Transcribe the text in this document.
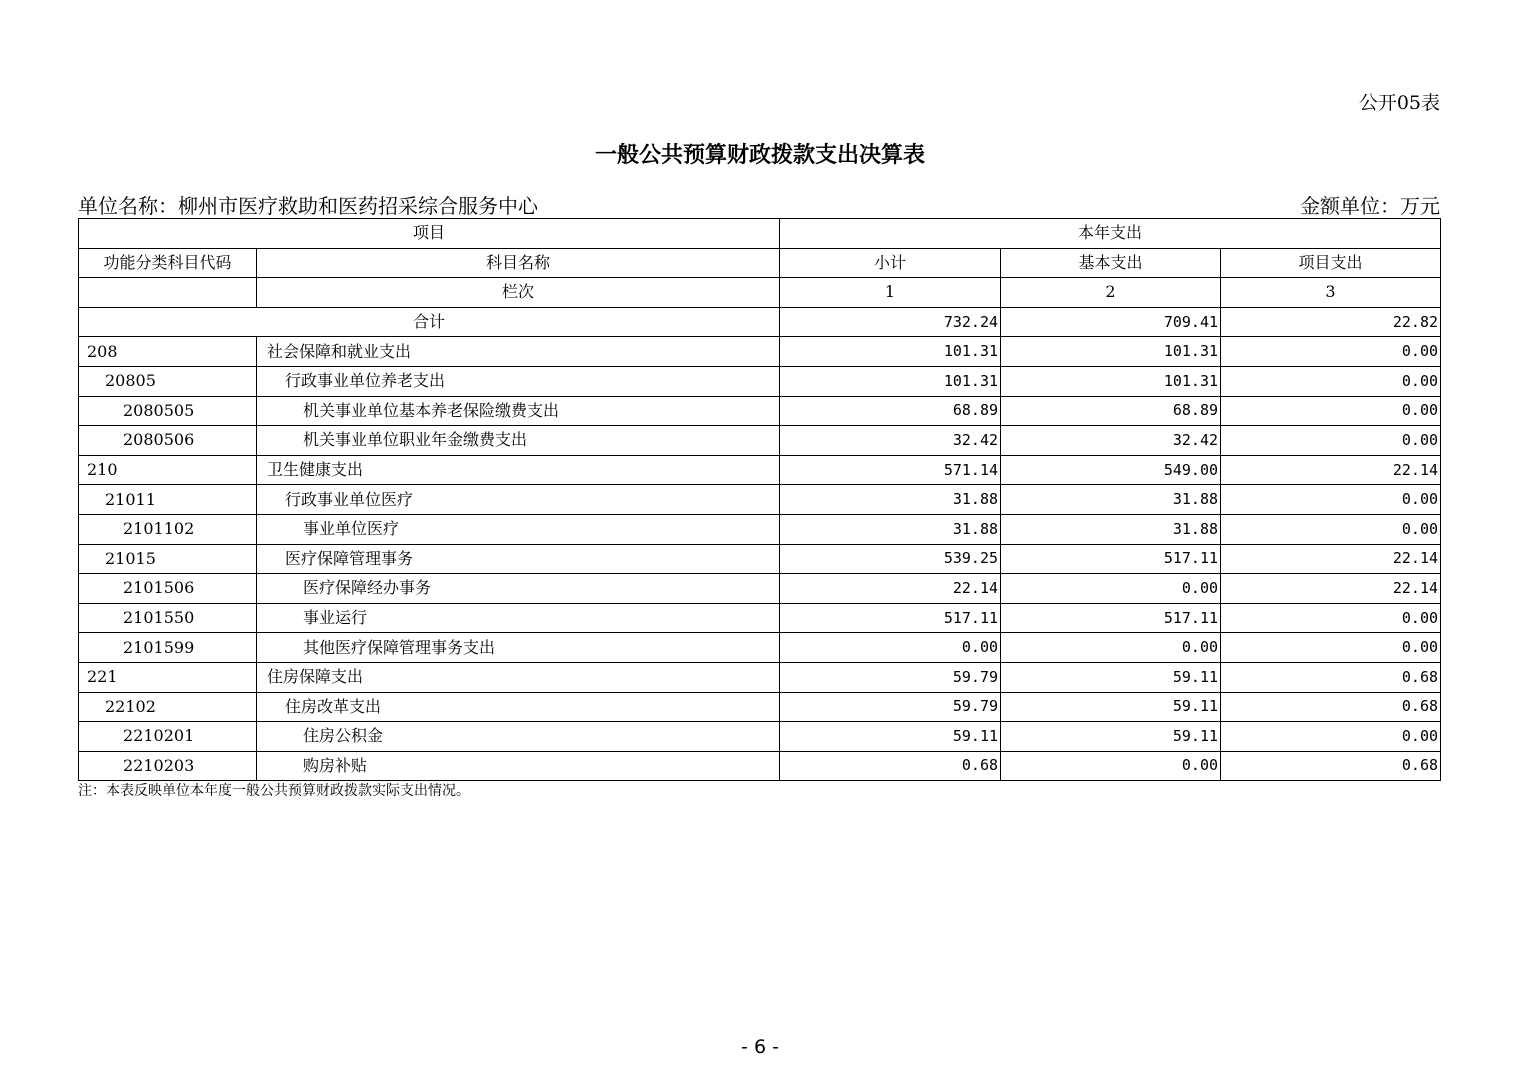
公开05表
一般公共预算财政拨款支出决算表
单位名称：柳州市医疗救助和医药招采综合服务中心	金额单位：万元
项目		本年支出		
功能分类科目代码	科目名称	小计	基本支出	项目支出
	栏次	1	2	3
合计		732.24	709.41	22.82
208	社会保障和就业支出	101.31	101.31	0.00
20805	行政事业单位养老支出	101.31	101.31	0.00
2080505	机关事业单位基本养老保险缴费支出	68.89	68.89	0.00
2080506	机关事业单位职业年金缴费支出	32.42	32.42	0.00
210	卫生健康支出	571.14	549.00	22.14
21011	行政事业单位医疗	31.88	31.88	0.00
2101102	事业单位医疗	31.88	31.88	0.00
21015	医疗保障管理事务	539.25	517.11	22.14
2101506	医疗保障经办事务	22.14	0.00	22.14
2101550	事业运行	517.11	517.11	0.00
2101599	其他医疗保障管理事务支出	0.00	0.00	0.00
221	住房保障支出	59.79	59.11	0.68
22102	住房改革支出	59.79	59.11	0.68
2210201	住房公积金	59.11	59.11	0.00
2210203	购房补贴	0.68	0.00	0.68
注：本表反映单位本年度一般公共预算财政拨款实际支出情况。
- 6 -
